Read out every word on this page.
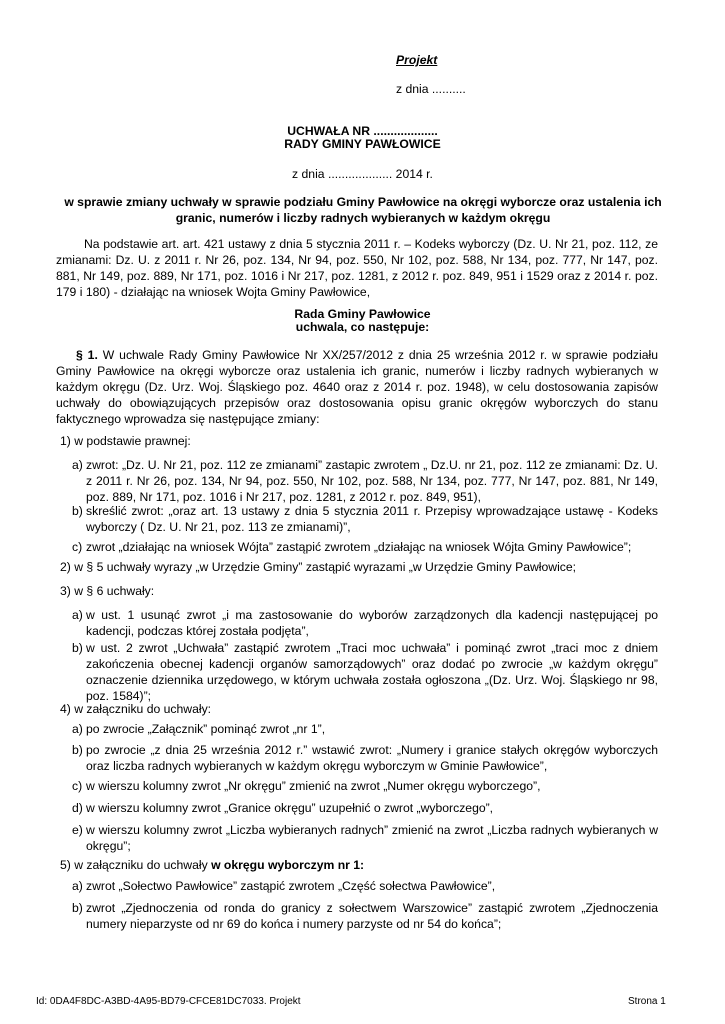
Projekt
z dnia ..........
UCHWAŁA NR ...................
RADY GMINY PAWŁOWICE
z dnia ................... 2014 r.
w sprawie zmiany uchwały w sprawie podziału Gminy Pawłowice na okręgi wyborcze oraz ustalenia ich granic, numerów i liczby radnych wybieranych w każdym okręgu
Na podstawie art. art. 421 ustawy z dnia 5 stycznia 2011 r. – Kodeks wyborczy (Dz. U. Nr 21, poz. 112, ze zmianami: Dz. U. z 2011 r. Nr 26, poz. 134, Nr 94, poz. 550, Nr 102, poz. 588, Nr 134, poz. 777, Nr 147, poz. 881, Nr 149, poz. 889, Nr 171, poz. 1016 i Nr 217, poz. 1281, z 2012 r. poz. 849, 951 i 1529 oraz z 2014 r. poz. 179 i 180) - działając na wniosek Wojta Gminy Pawłowice,
Rada Gminy Pawłowice
uchwala, co następuje:
§ 1. W uchwale Rady Gminy Pawłowice Nr XX/257/2012 z dnia 25 września 2012 r. w sprawie podziału Gminy Pawłowice na okręgi wyborcze oraz ustalenia ich granic, numerów i liczby radnych wybieranych w każdym okręgu (Dz. Urz. Woj. Śląskiego poz. 4640 oraz z 2014 r. poz. 1948), w celu dostosowania zapisów uchwały do obowiązujących przepisów oraz dostosowania opisu granic okręgów wyborczych do stanu faktycznego wprowadza się następujące zmiany:
1) w podstawie prawnej:
a) zwrot: „Dz. U. Nr 21, poz. 112 ze zmianami” zastapic zwrotem „ Dz.U. nr 21, poz. 112 ze zmianami: Dz. U. z 2011 r. Nr 26, poz. 134, Nr 94, poz. 550, Nr 102, poz. 588, Nr 134, poz. 777, Nr 147, poz. 881, Nr 149, poz. 889, Nr 171, poz. 1016 i Nr 217, poz. 1281, z 2012 r. poz. 849, 951),
b) skreślić zwrot: „oraz art. 13 ustawy z dnia 5 stycznia 2011 r. Przepisy wprowadzające ustawę - Kodeks wyborczy ( Dz. U. Nr 21, poz. 113 ze zmianami)”,
c) zwrot „działając na wniosek Wójta” zastąpić zwrotem „działając na wniosek Wójta Gminy Pawłowice”;
2) w § 5 uchwały wyrazy „w Urzędzie Gminy” zastąpić wyrazami „w Urzędzie Gminy Pawłowice;
3) w § 6 uchwały:
a) w ust. 1 usunąć zwrot „i ma zastosowanie do wyborów zarządzonych dla kadencji następującej po kadencji, podczas której została podjęta”,
b) w ust. 2 zwrot „Uchwała” zastąpić zwrotem „Traci moc uchwała” i pominąć zwrot „traci moc z dniem zakończenia obecnej kadencji organów samorządowych” oraz dodać po zwrocie „w każdym okręgu” oznaczenie dziennika urzędowego, w którym uchwała została ogłoszona „(Dz. Urz. Woj. Śląskiego nr 98, poz. 1584)”;
4) w załączniku do uchwały:
a) po zwrocie „Załącznik” pominąć zwrot „nr 1”,
b) po zwrocie „z dnia 25 września 2012 r.” wstawić zwrot: „Numery i granice stałych okręgów wyborczych oraz liczba radnych wybieranych w każdym okręgu wyborczym w Gminie Pawłowice”,
c) w wierszu kolumny zwrot „Nr okręgu” zmienić na zwrot „Numer okręgu wyborczego”,
d) w wierszu kolumny zwrot „Granice okręgu” uzupełnić o zwrot „wyborczego”,
e) w wierszu kolumny zwrot „Liczba wybieranych radnych” zmienić na zwrot „Liczba radnych wybieranych w okręgu”;
5) w załączniku do uchwały w okręgu wyborczym nr 1:
a) zwrot „Sołectwo Pawłowice” zastąpić zwrotem „Część sołectwa Pawłowice”,
b) zwrot „Zjednoczenia od ronda do granicy z sołectwem Warszowice” zastąpić zwrotem „Zjednoczenia numery nieparzyste od nr 69 do końca i numery parzyste od nr 54 do końca”;
Id: 0DA4F8DC-A3BD-4A95-BD79-CFCE81DC7033. Projekt	Strona 1
